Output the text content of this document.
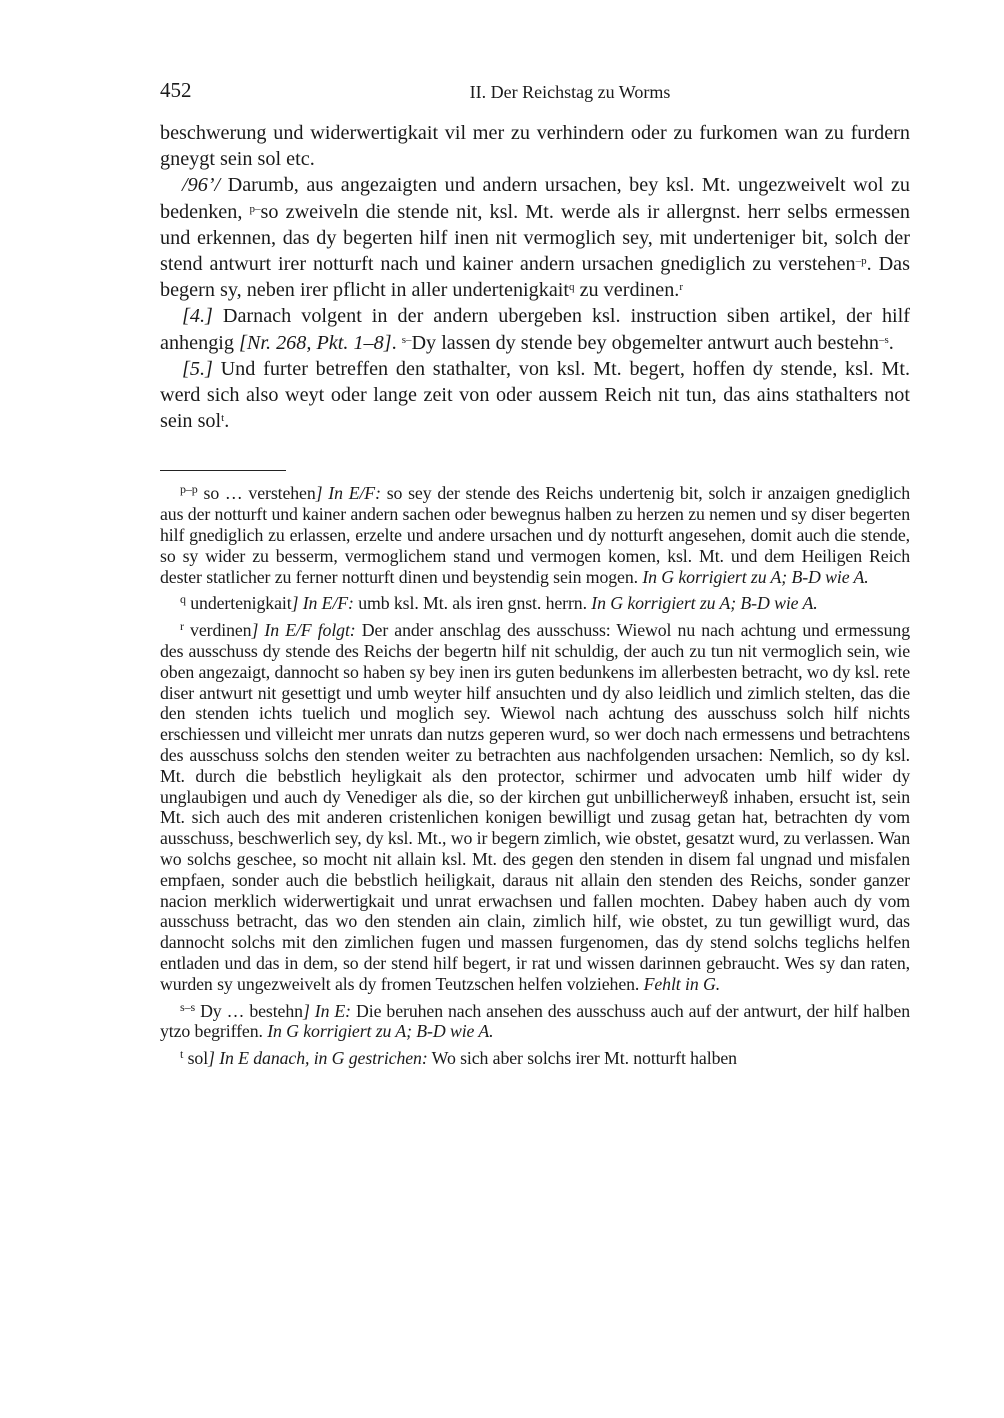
452	II. Der Reichstag zu Worms

beschwerung und widerwertigkait vil mer zu verhindern oder zu furkomen wan zu furdern gneygt sein sol etc.

/96’/ Darumb, aus angezaigten und andern ursachen, bey ksl. Mt. ungezweivelt wol zu bedenken, $^{p-}$so zweiveln die stende nit, ksl. Mt. werde als ir allergnst. herr selbs ermessen und erkennen, das dy begerten hilf inen nit vermoglich sey, mit underteniger bit, solch der stend antwurt irer notturft nach und kainer andern ursachen gnediglich zu verstehen$^{-p}$. Das begern sy, neben irer pflicht in aller undertenigkait$^q$ zu verdinen.$^r$

[4.] Darnach volgent in der andern ubergeben ksl. instruction siben artikel, der hilf anhengig [Nr. 268, Pkt. 1–8]. $^{s-}$Dy lassen dy stende bey obgemelter antwurt auch bestehn$^{-s}$.

[5.] Und furter betreffen den stathalter, von ksl. Mt. begert, hoffen dy stende, ksl. Mt. werd sich also weyt oder lange zeit von oder aussem Reich nit tun, das ains stathalters not sein sol$^t$.

$^{p-p}$ so … verstehen] In E/F: so sey der stende des Reichs undertenig bit, solch ir anzaigen gnediglich aus der notturft und kainer andern sachen oder bewegnus halben zu herzen zu nemen und sy diser begerten hilf gnediglich zu erlassen, erzelte und andere ursachen und dy notturft angesehen, domit auch die stende, so sy wider zu besserm, vermoglichem stand und vermogen komen, ksl. Mt. und dem Heiligen Reich dester statlicher zu ferner notturft dinen und beystendig sein mogen. In G korrigiert zu A; B-D wie A.

$^q$ undertenigkait] In E/F: umb ksl. Mt. als iren gnst. herrn. In G korrigiert zu A; B-D wie A.

$^r$ verdinen] In E/F folgt: Der ander anschlag des ausschuss: Wiewol nu nach achtung und ermessung des ausschuss dy stende des Reichs der begertn hilf nit schuldig, der auch zu tun nit vermoglich sein, wie oben angezaigt, dannocht so haben sy bey inen irs guten bedunkens im allerbesten betracht, wo dy ksl. rete diser antwurt nit gesettigt und umb weyter hilf ansuchten und dy also leidlich und zimlich stelten, das die den stenden ichts tuelich und moglich sey. Wiewol nach achtung des ausschuss solch hilf nichts erschiessen und villeicht mer unrats dan nutzs geperen wurd, so wer doch nach ermessens und betrachtens des ausschuss solchs den stenden weiter zu betrachten aus nachfolgenden ursachen: Nemlich, so dy ksl. Mt. durch die bebstlich heyligkait als den protector, schirmer und advocaten umb hilf wider dy unglaubigen und auch dy Venediger als die, so der kirchen gut unbillicherweyß inhaben, ersucht ist, sein Mt. sich auch des mit anderen cristenlichen konigen bewilligt und zusag getan hat, betrachten dy vom ausschuss, beschwerlich sey, dy ksl. Mt., wo ir begern zimlich, wie obstet, gesatzt wurd, zu verlassen. Wan wo solchs geschee, so mocht nit allain ksl. Mt. des gegen den stenden in disem fal ungnad und misfalen empfaen, sonder auch die bebstlich heiligkait, daraus nit allain den stenden des Reichs, sonder ganzer nacion merklich widerwertigkait und unrat erwachsen und fallen mochten. Dabey haben auch dy vom ausschuss betracht, das wo den stenden ain clain, zimlich hilf, wie obstet, zu tun gewilligt wurd, das dannocht solchs mit den zimlichen fugen und massen furgenomen, das dy stend solchs teglichs helfen entladen und das in dem, so der stend hilf begert, ir rat und wissen darinnen gebraucht. Wes sy dan raten, wurden sy ungezweivelt als dy fromen Teutzschen helfen volziehen. Fehlt in G.

$^{s-s}$ Dy … bestehn] In E: Die beruhen nach ansehen des ausschuss auch auf der antwurt, der hilf halben ytzo begriffen. In G korrigiert zu A; B-D wie A.

$^t$ sol] In E danach, in G gestrichen: Wo sich aber solchs irer Mt. notturft halben
